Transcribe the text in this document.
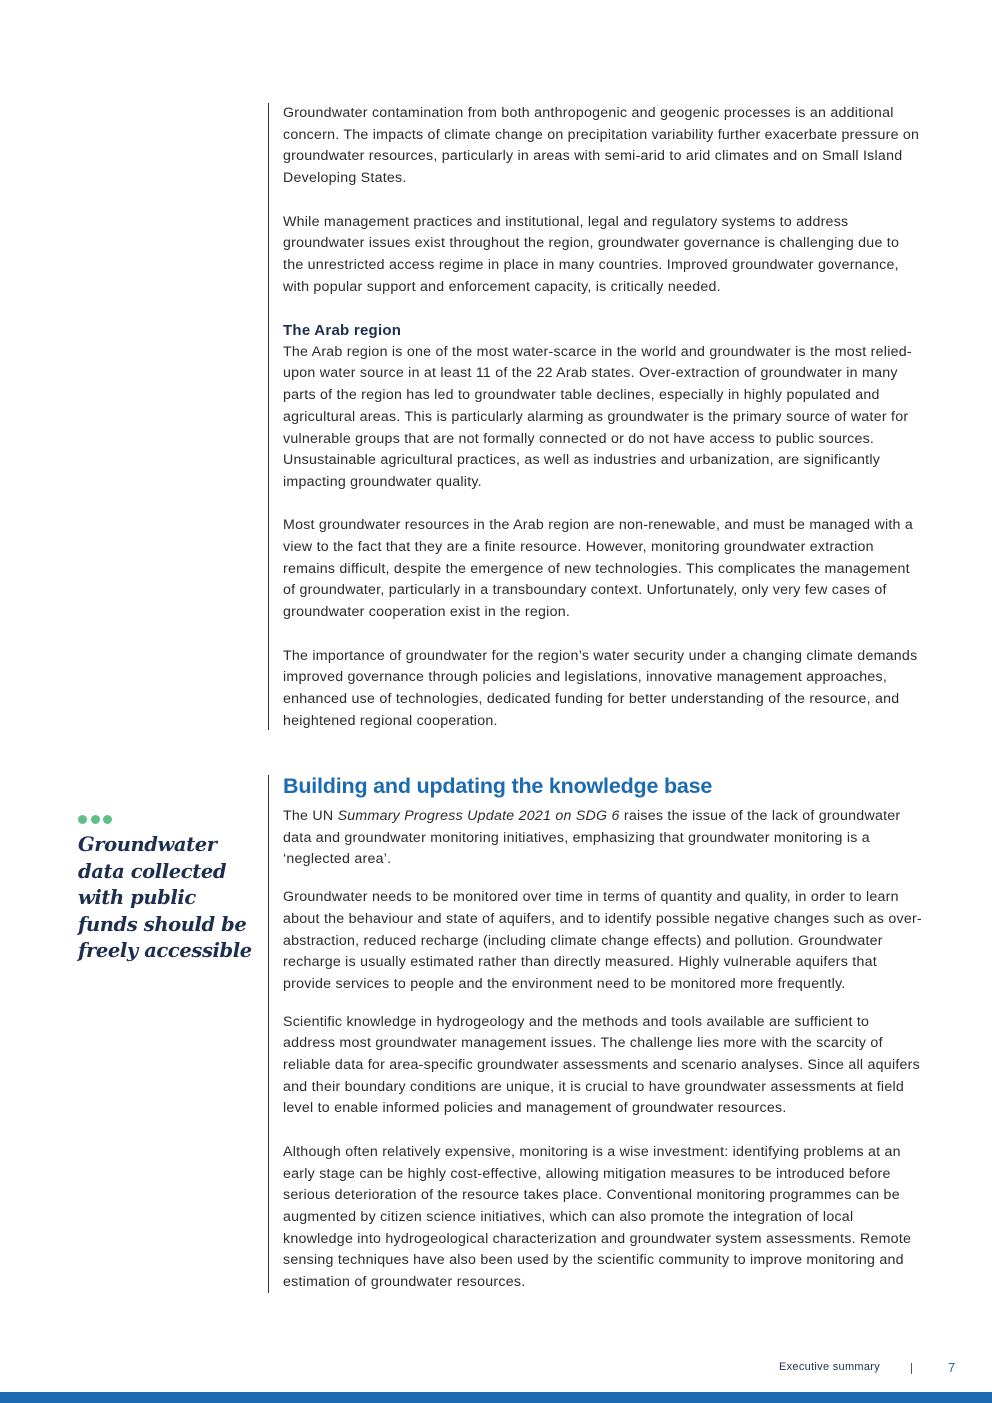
Groundwater contamination from both anthropogenic and geogenic processes is an additional concern. The impacts of climate change on precipitation variability further exacerbate pressure on groundwater resources, particularly in areas with semi-arid to arid climates and on Small Island Developing States.

While management practices and institutional, legal and regulatory systems to address groundwater issues exist throughout the region, groundwater governance is challenging due to the unrestricted access regime in place in many countries. Improved groundwater governance, with popular support and enforcement capacity, is critically needed.

The Arab region

The Arab region is one of the most water-scarce in the world and groundwater is the most relied-upon water source in at least 11 of the 22 Arab states. Over-extraction of groundwater in many parts of the region has led to groundwater table declines, especially in highly populated and agricultural areas. This is particularly alarming as groundwater is the primary source of water for vulnerable groups that are not formally connected or do not have access to public sources. Unsustainable agricultural practices, as well as industries and urbanization, are significantly impacting groundwater quality.

Most groundwater resources in the Arab region are non-renewable, and must be managed with a view to the fact that they are a finite resource. However, monitoring groundwater extraction remains difficult, despite the emergence of new technologies. This complicates the management of groundwater, particularly in a transboundary context. Unfortunately, only very few cases of groundwater cooperation exist in the region.

The importance of groundwater for the region’s water security under a changing climate demands improved governance through policies and legislations, innovative management approaches, enhanced use of technologies, dedicated funding for better understanding of the resource, and heightened regional cooperation.

Building and updating the knowledge base

The UN Summary Progress Update 2021 on SDG 6 raises the issue of the lack of groundwater data and groundwater monitoring initiatives, emphasizing that groundwater monitoring is a ‘neglected area’.

Groundwater needs to be monitored over time in terms of quantity and quality, in order to learn about the behaviour and state of aquifers, and to identify possible negative changes such as over-abstraction, reduced recharge (including climate change effects) and pollution. Groundwater recharge is usually estimated rather than directly measured. Highly vulnerable aquifers that provide services to people and the environment need to be monitored more frequently.

Scientific knowledge in hydrogeology and the methods and tools available are sufficient to address most groundwater management issues. The challenge lies more with the scarcity of reliable data for area-specific groundwater assessments and scenario analyses. Since all aquifers and their boundary conditions are unique, it is crucial to have groundwater assessments at field level to enable informed policies and management of groundwater resources.

Although often relatively expensive, monitoring is a wise investment: identifying problems at an early stage can be highly cost-effective, allowing mitigation measures to be introduced before serious deterioration of the resource takes place. Conventional monitoring programmes can be augmented by citizen science initiatives, which can also promote the integration of local knowledge into hydrogeological characterization and groundwater system assessments. Remote sensing techniques have also been used by the scientific community to improve monitoring and estimation of groundwater resources.

Groundwater data collected with public funds should be freely accessible
Executive summary	7
